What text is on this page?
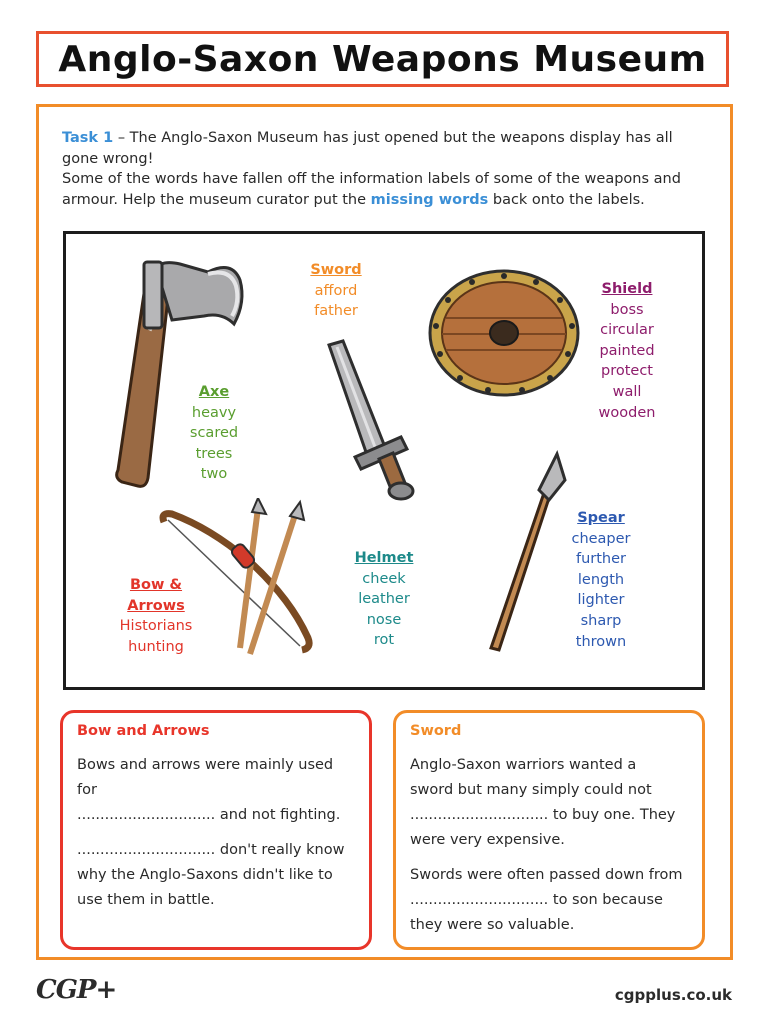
Anglo-Saxon Weapons Museum
Task 1 – The Anglo-Saxon Museum has just opened but the weapons display has all gone wrong!
Some of the words have fallen off the information labels of some of the weapons and armour. Help the museum curator put the missing words back onto the labels.
Sword
afford
father
Shield
boss
circular
painted
protect
wall
wooden
Axe
heavy
scared
trees
two
Spear
cheaper
further
length
lighter
sharp
thrown
Helmet
cheek
leather
nose
rot
Bow &
Arrows
Historians
hunting
Bow and Arrows

Bows and arrows were mainly used for
.............................. and not fighting.

.............................. don't really know
why the Anglo-Saxons didn't like to
use them in battle.

Sword

Anglo-Saxon warriors wanted a
sword but many simply could not
.............................. to buy one. They
were very expensive.

Swords were often passed down from
.............................. to son because
they were so valuable.

CGP+	cgpplus.co.uk
